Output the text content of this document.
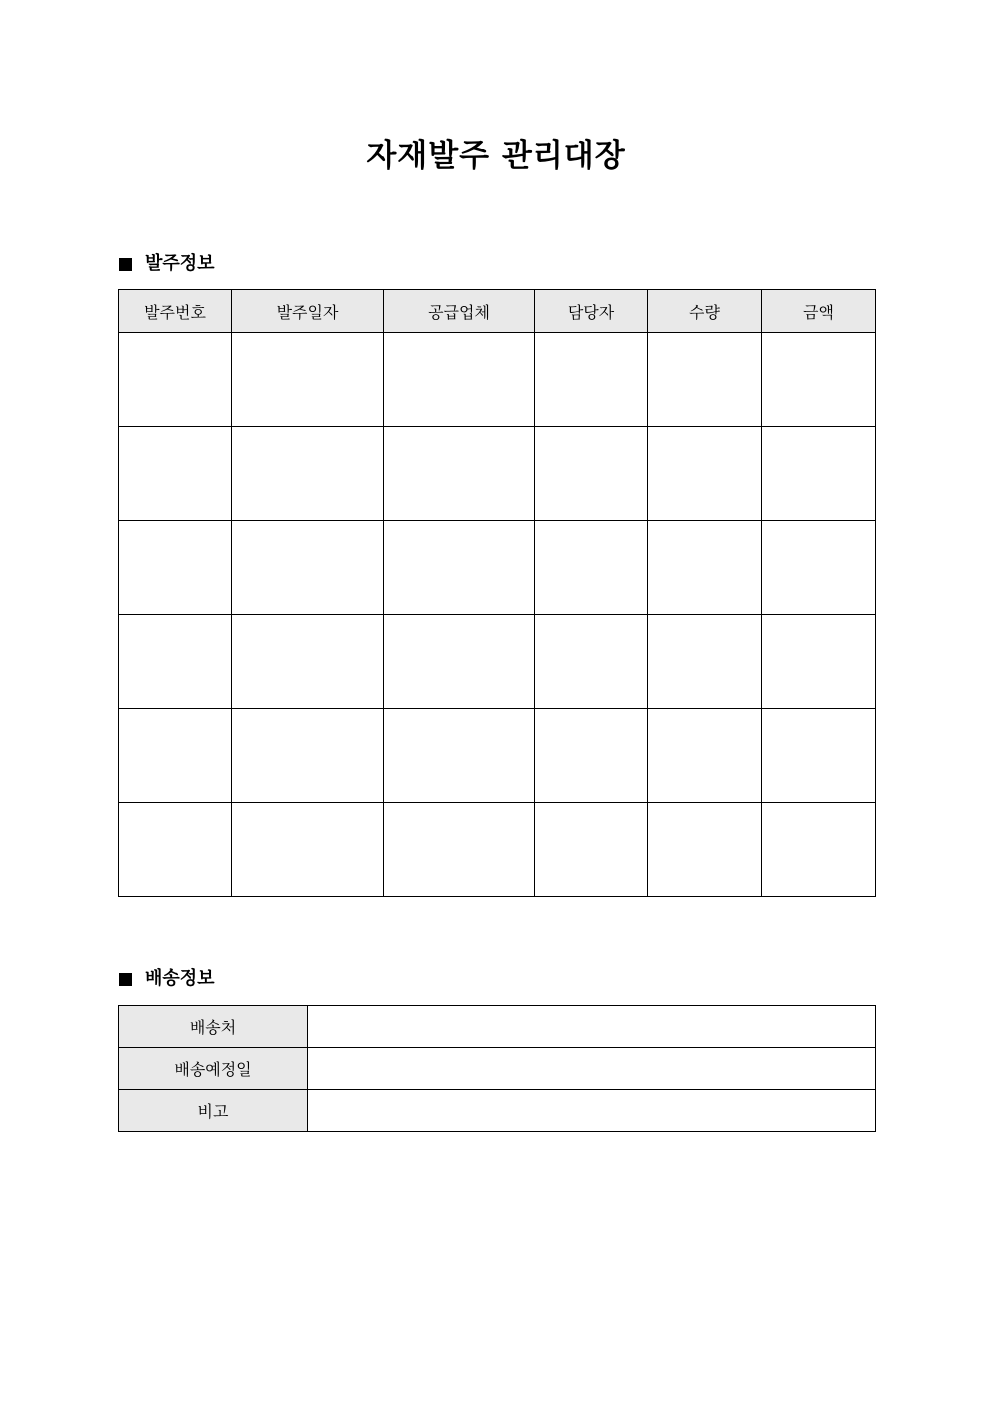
자재발주 관리대장
발주정보
발주번호	발주일자	공급업체	담당자	수량	금액

배송정보
배송처	
배송예정일	
비고	
